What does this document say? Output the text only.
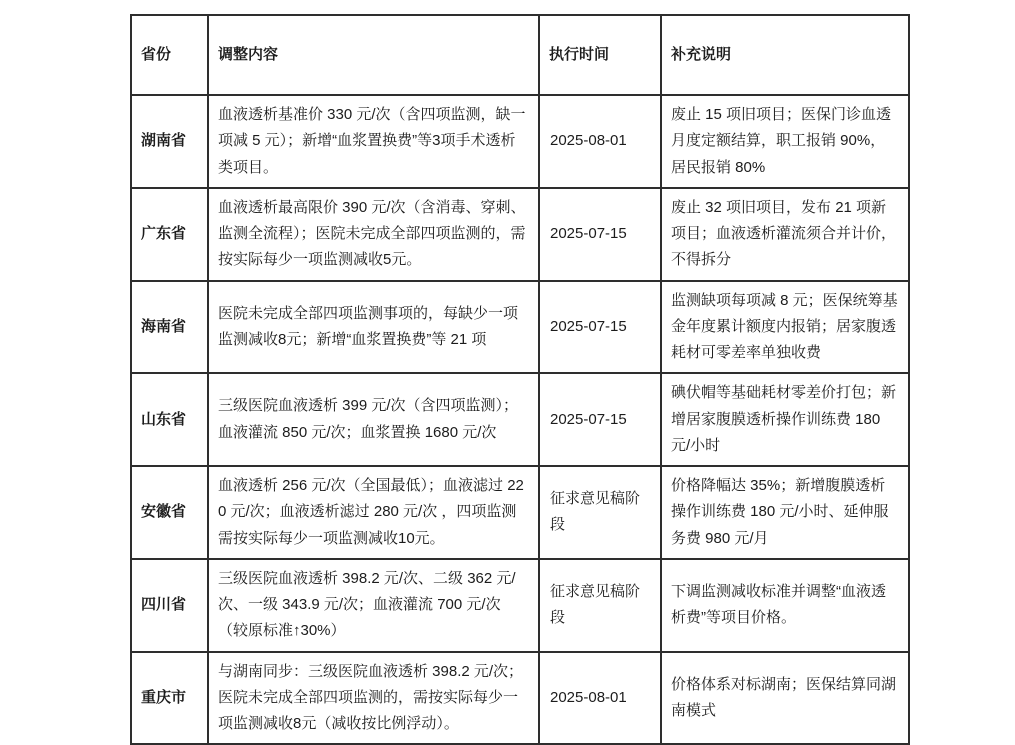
省份	调整内容	执行时间	补充说明
湖南省	血液透析基准价 330 元/次（含四项监测，缺一项减 5 元）；新增“血浆置换费”等3项手术透析类项目。	2025-08-01	废止 15 项旧项目；医保门诊血透月度定额结算，职工报销 90%，居民报销 80%
广东省	血液透析最高限价 390 元/次（含消毒、穿刺、监测全流程）；医院未完成全部四项监测的，需按实际每少一项监测减收5元。	2025-07-15	废止 32 项旧项目，发布 21 项新项目；血液透析灌流须合并计价，不得拆分
海南省	医院未完成全部四项监测事项的，每缺少一项监测减收8元；新增“血浆置换费”等 21 项	2025-07-15	监测缺项每项减 8 元；医保统筹基金年度累计额度内报销；居家腹透耗材可零差率单独收费
山东省	三级医院血液透析 399 元/次（含四项监测）；血液灌流 850 元/次；血浆置换 1680 元/次	2025-07-15	碘伏帽等基础耗材零差价打包；新增居家腹膜透析操作训练费 180 元/小时
安徽省	血液透析 256 元/次（全国最低）；血液滤过 220 元/次；血液透析滤过 280 元/次 ，四项监测需按实际每少一项监测减收10元。	征求意见稿阶段	价格降幅达 35%；新增腹膜透析操作训练费 180 元/小时、延伸服务费 980 元/月
四川省	三级医院血液透析 398.2 元/次、二级 362 元/次、一级 343.9 元/次；血液灌流 700 元/次（较原标准↑30%）	征求意见稿阶段	下调监测减收标准并调整“血液透析费”等项目价格。
重庆市	与湖南同步：三级医院血液透析 398.2 元/次；医院未完成全部四项监测的，需按实际每少一项监测减收8元（减收按比例浮动）。	2025-08-01	价格体系对标湖南；医保结算同湖南模式
